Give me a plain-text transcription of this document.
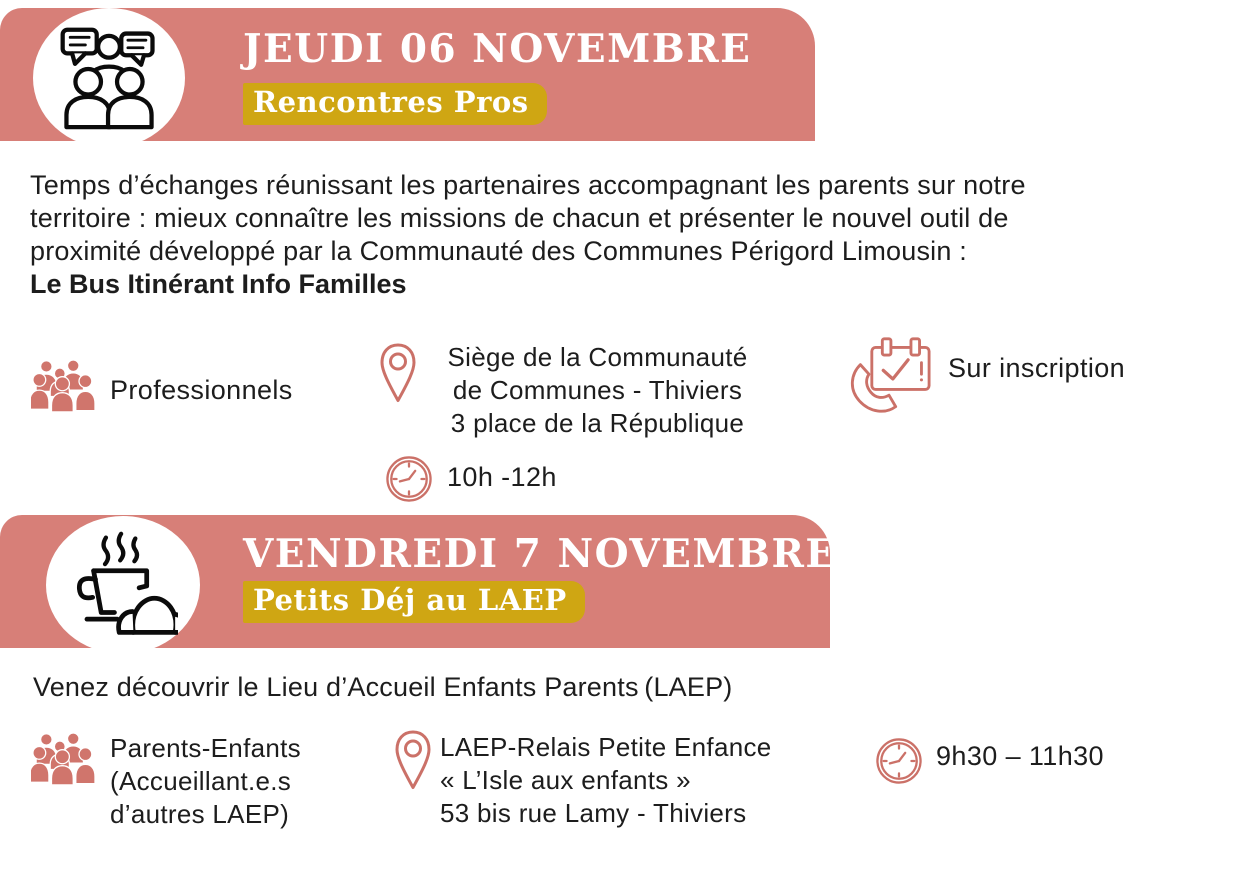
JEUDI 06 NOVEMBRE
Rencontres Pros
Temps d’échanges réunissant les partenaires accompagnant les parents sur notre
territoire : mieux connaître les missions de chacun et présenter le nouvel outil de
proximité développé par la Communauté des Communes Périgord Limousin :
Le Bus Itinérant Info Familles
Professionnels
Siège de la Communauté
de Communes - Thiviers
3 place de la République
Sur inscription
10h -12h
VENDREDI 7 NOVEMBRE
Petits Déj au LAEP
Venez découvrir le Lieu d’Accueil Enfants Parents (LAEP)
Parents-Enfants
(Accueillant.e.s
d’autres LAEP)
LAEP-Relais Petite Enfance
« L’Isle aux enfants »
53 bis rue Lamy - Thiviers
9h30 – 11h30
